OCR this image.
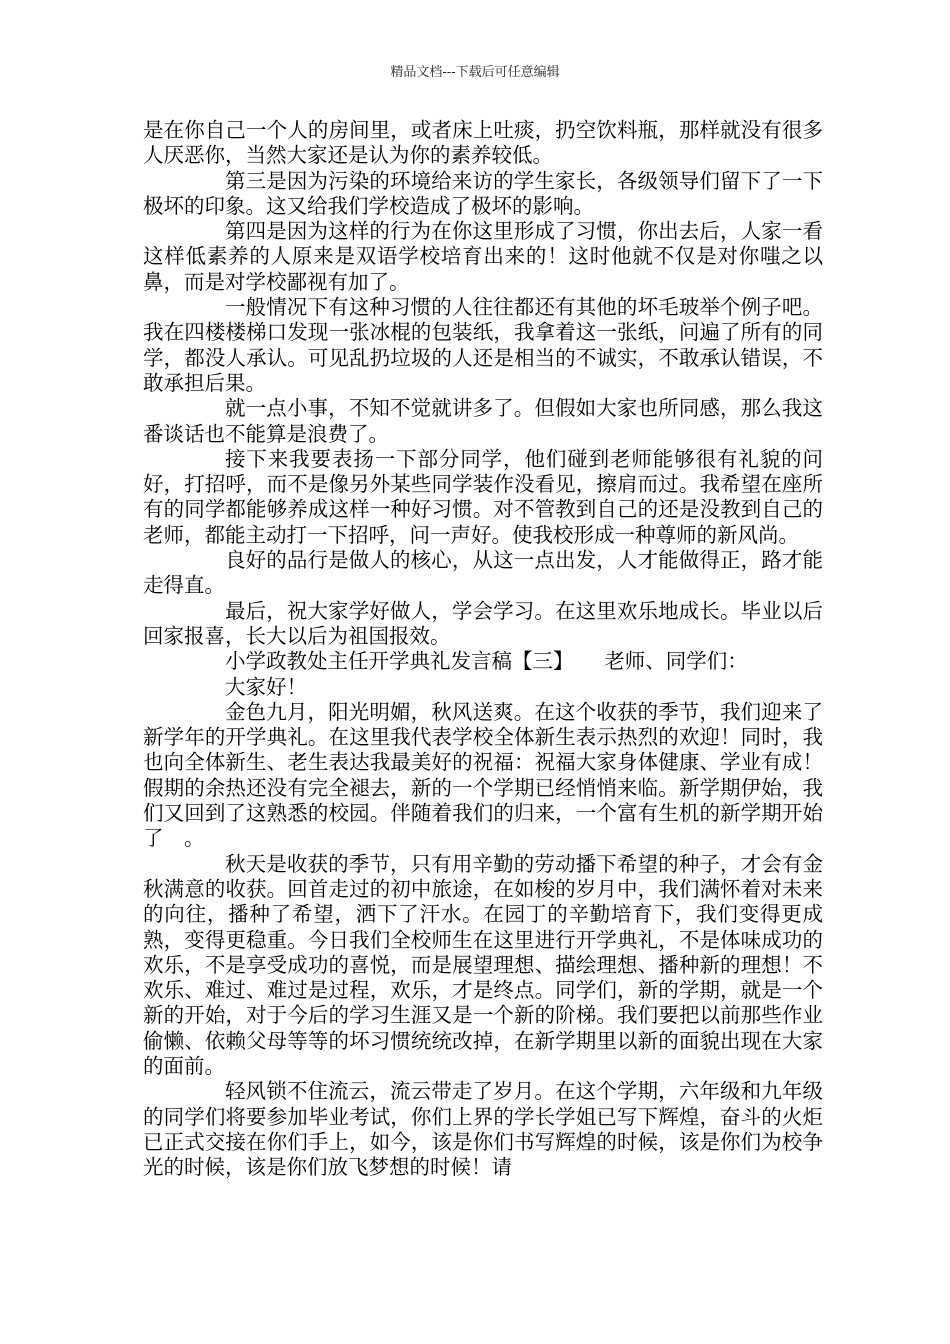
精品文档---下载后可任意编辑

是在你自己一个人的房间里，或者床上吐痰，扔空饮料瓶，那样就没有很多人厌恶你，当然大家还是认为你的素养较低。

第三是因为污染的环境给来访的学生家长，各级领导们留下了一下极坏的印象。这又给我们学校造成了极坏的影响。

第四是因为这样的行为在你这里形成了习惯，你出去后，人家一看这样低素养的人原来是双语学校培育出来的！这时他就不仅是对你嗤之以鼻，而是对学校鄙视有加了。

一般情况下有这种习惯的人往往都还有其他的坏毛玻举个例子吧。我在四楼楼梯口发现一张冰棍的包装纸，我拿着这一张纸，问遍了所有的同学，都没人承认。可见乱扔垃圾的人还是相当的不诚实，不敢承认错误，不敢承担后果。

就一点小事，不知不觉就讲多了。但假如大家也所同感，那么我这番谈话也不能算是浪费了。

接下来我要表扬一下部分同学，他们碰到老师能够很有礼貌的问好，打招呼，而不是像另外某些同学装作没看见，擦肩而过。我希望在座所有的同学都能够养成这样一种好习惯。对不管教到自己的还是没教到自己的老师，都能主动打一下招呼，问一声好。使我校形成一种尊师的新风尚。

良好的品行是做人的核心，从这一点出发，人才能做得正，路才能走得直。

最后，祝大家学好做人，学会学习。在这里欢乐地成长。毕业以后回家报喜，长大以后为祖国报效。

小学政教处主任开学典礼发言稿【三】　　老师、同学们：

大家好！

金色九月，阳光明媚，秋风送爽。在这个收获的季节，我们迎来了新学年的开学典礼。在这里我代表学校全体新生表示热烈的欢迎！同时，我也向全体新生、老生表达我最美好的祝福：祝福大家身体健康、学业有成！　　假期的余热还没有完全褪去，新的一个学期已经悄悄来临。新学期伊始，我们又回到了这熟悉的校园。伴随着我们的归来，一个富有生机的新学期开始了　。

秋天是收获的季节，只有用辛勤的劳动播下希望的种子，才会有金秋满意的收获。回首走过的初中旅途，在如梭的岁月中，我们满怀着对未来的向往，播种了希望，洒下了汗水。在园丁的辛勤培育下，我们变得更成熟，变得更稳重。今日我们全校师生在这里进行开学典礼，不是体味成功的欢乐，不是享受成功的喜悦，而是展望理想、描绘理想、播种新的理想！不欢乐、难过、难过是过程，欢乐，才是终点。同学们，新的学期，就是一个新的开始，对于今后的学习生涯又是一个新的阶梯。我们要把以前那些作业偷懒、依赖父母等等的坏习惯统统改掉，在新学期里以新的面貌出现在大家的面前。

轻风锁不住流云，流云带走了岁月。在这个学期，六年级和九年级的同学们将要参加毕业考试，你们上界的学长学姐已写下辉煌，奋斗的火炬已正式交接在你们手上，如今，该是你们书写辉煌的时候，该是你们为校争光的时候，该是你们放飞梦想的时候！请
